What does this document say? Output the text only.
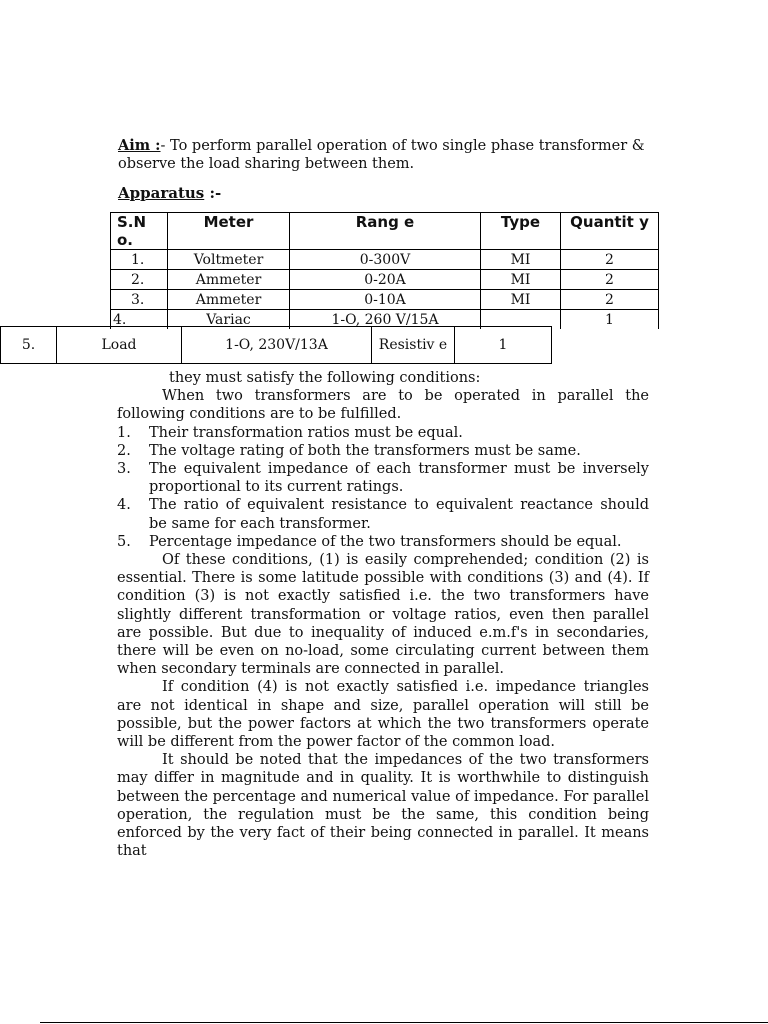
Aim :- To perform parallel operation of two single phase transformer & observe the load sharing between them.
Apparatus :-
S.N o.	Meter	Rang e	Type	Quantit y
1.	Voltmeter	0-300V	MI	2
2.	Ammeter	0-20A	MI	2
3.	Ammeter	0-10A	MI	2
4.	Variac	1-O, 260 V/15A		1
5.	Load	1-O, 230V/13A	Resistiv e	1

they must satisfy the following conditions:

When two transformers are to be operated in parallel the following conditions are to be fulfilled.

1.	Their transformation ratios must be equal.
2.	The voltage rating of both the transformers must be same.
3.	The equivalent impedance of each transformer must be inversely proportional to its current ratings.
4.	The ratio of equivalent resistance to equivalent reactance should be same for each transformer.
5.	Percentage impedance of the two transformers should be equal.

Of these conditions, (1) is easily comprehended; condition (2) is essential. There is some latitude possible with conditions (3) and (4). If condition (3) is not exactly satisfied i.e. the two transformers have slightly different transformation or voltage ratios, even then parallel are possible. But due to inequality of induced e.m.f's in secondaries, there will be even on no-load, some circulating current between them when secondary terminals are connected in parallel.

If condition (4) is not exactly satisfied i.e. impedance triangles are not identical in shape and size, parallel operation will still be possible, but the power factors at which the two transformers operate will be different from the power factor of the common load.

It should be noted that the impedances of the two transformers may differ in magnitude and in quality. It is worthwhile to distinguish between the percentage and numerical value of impedance. For parallel operation, the regulation must be the same, this condition being enforced by the very fact of their being connected in parallel. It means that
